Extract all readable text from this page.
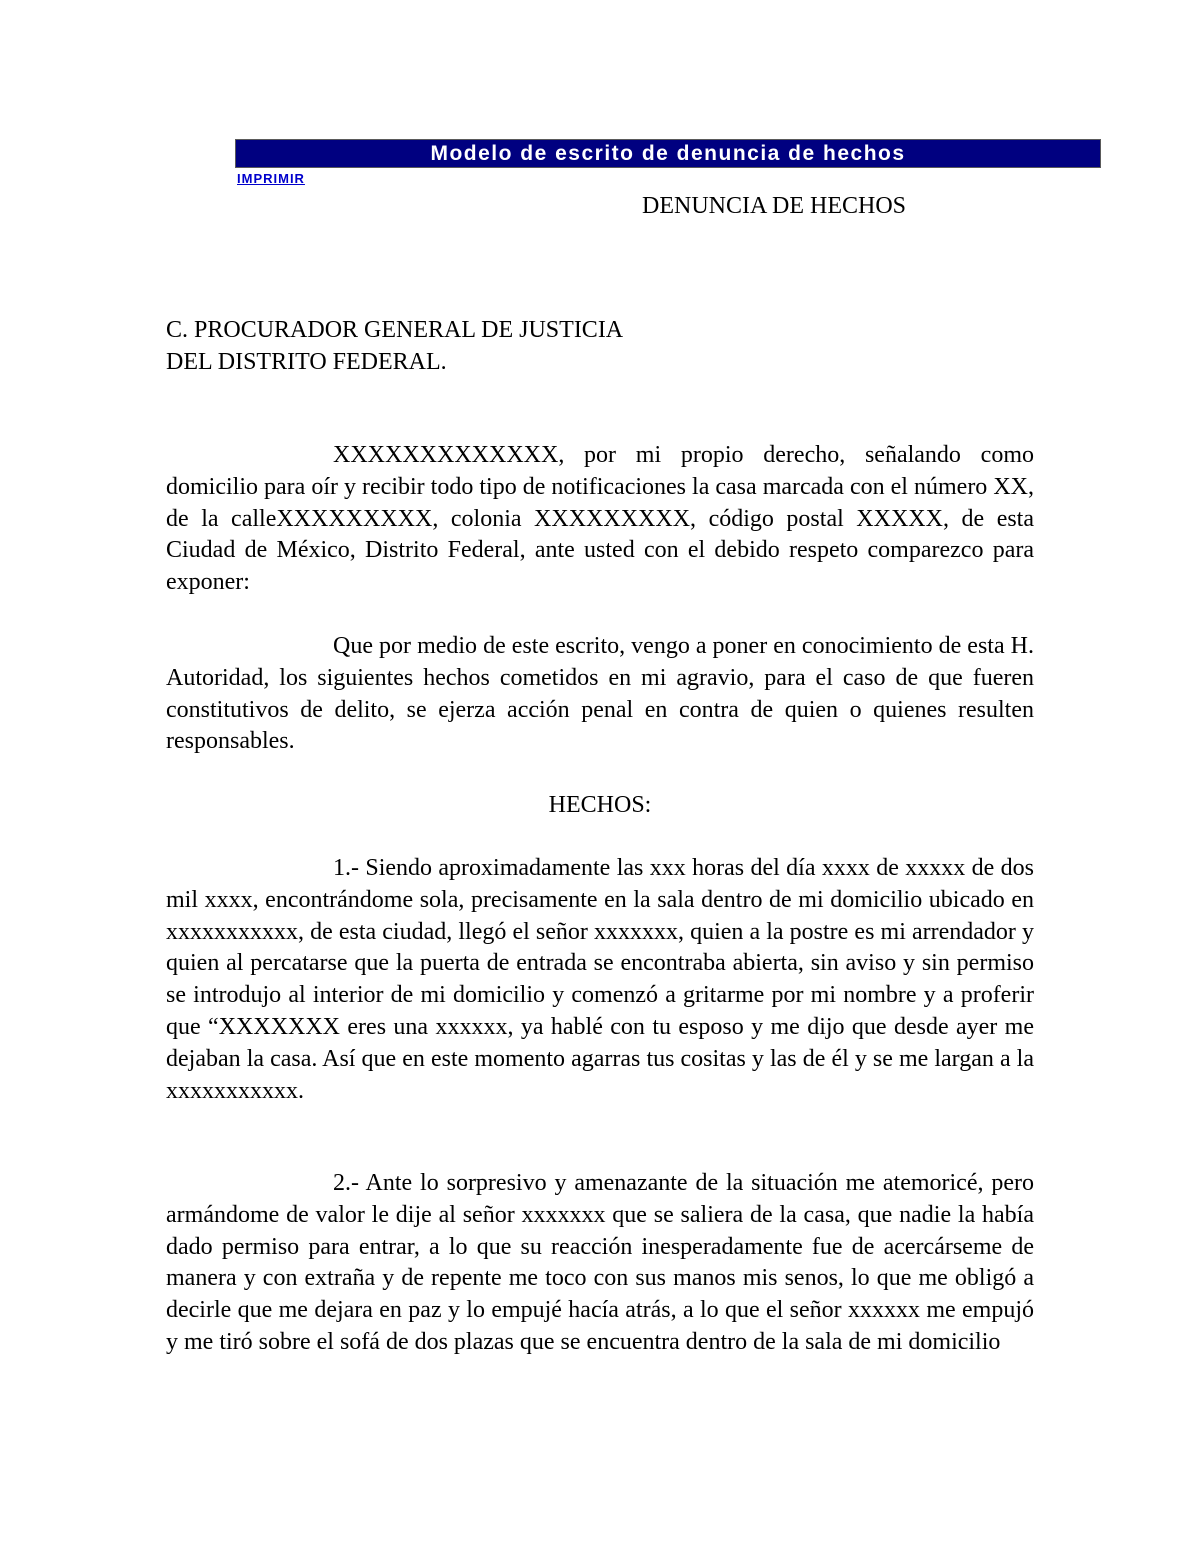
Modelo de escrito de denuncia de hechos
IMPRIMIR
DENUNCIA DE HECHOS
C. PROCURADOR GENERAL DE JUSTICIA
DEL DISTRITO FEDERAL.

XXXXXXXXXXXXX, por mi propio derecho, señalando como domicilio para oír y recibir todo tipo de notificaciones la casa marcada con el número XX, de la calleXXXXXXXXX, colonia XXXXXXXXX, código postal XXXXX, de esta Ciudad de México, Distrito Federal, ante usted con el debido respeto comparezco para exponer:

Que por medio de este escrito, vengo a poner en conocimiento de esta H. Autoridad, los siguientes hechos cometidos en mi agravio, para el caso de que fueren constitutivos de delito, se ejerza acción penal en contra de quien o quienes resulten responsables.

HECHOS:

1.- Siendo aproximadamente las xxx horas del día xxxx de xxxxx de dos mil xxxx, encontrándome sola, precisamente en la sala dentro de mi domicilio ubicado en xxxxxxxxxxx, de esta ciudad, llegó el señor xxxxxxx, quien a la postre es mi arrendador y quien al percatarse que la puerta de entrada se encontraba abierta, sin aviso y sin permiso se introdujo al interior de mi domicilio y comenzó a gritarme por mi nombre y a proferir que “XXXXXXX eres una xxxxxx, ya hablé con tu esposo y me dijo que desde ayer me dejaban la casa. Así que en este momento agarras tus cositas y las de él y se me largan a la xxxxxxxxxxx.

2.- Ante lo sorpresivo y amenazante de la situación me atemoricé, pero armándome de valor le dije al señor xxxxxxx que se saliera de la casa, que nadie la había dado permiso para entrar, a lo que su reacción inesperadamente fue de acercárseme de manera y con extraña y de repente me toco con sus manos mis senos, lo que me obligó a decirle que me dejara en paz y lo empujé hacía atrás, a lo que el señor xxxxxx me empujó y me tiró sobre el sofá de dos plazas que se encuentra dentro de la sala de mi domicilio
